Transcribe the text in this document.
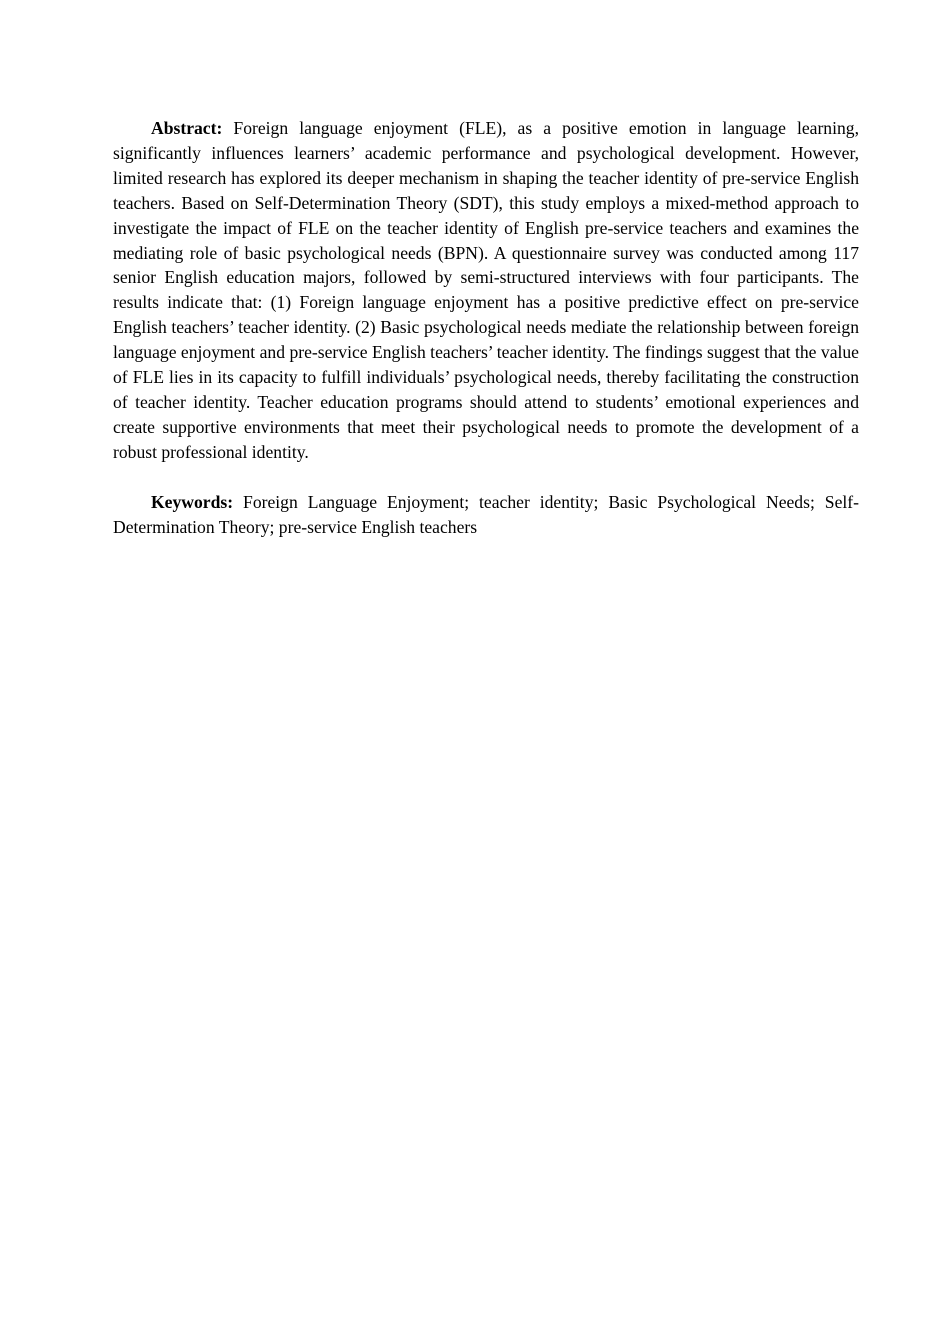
Abstract: Foreign language enjoyment (FLE), as a positive emotion in language learning, significantly influences learners’ academic performance and psychological development. However, limited research has explored its deeper mechanism in shaping the teacher identity of pre-service English teachers. Based on Self-Determination Theory (SDT), this study employs a mixed-method approach to investigate the impact of FLE on the teacher identity of English pre-service teachers and examines the mediating role of basic psychological needs (BPN). A questionnaire survey was conducted among 117 senior English education majors, followed by semi-structured interviews with four participants. The results indicate that: (1) Foreign language enjoyment has a positive predictive effect on pre-service English teachers’ teacher identity. (2) Basic psychological needs mediate the relationship between foreign language enjoyment and pre-service English teachers’ teacher identity. The findings suggest that the value of FLE lies in its capacity to fulfill individuals’ psychological needs, thereby facilitating the construction of teacher identity. Teacher education programs should attend to students’ emotional experiences and create supportive environments that meet their psychological needs to promote the development of a robust professional identity.

Keywords: Foreign Language Enjoyment; teacher identity; Basic Psychological Needs; Self-Determination Theory; pre-service English teachers
